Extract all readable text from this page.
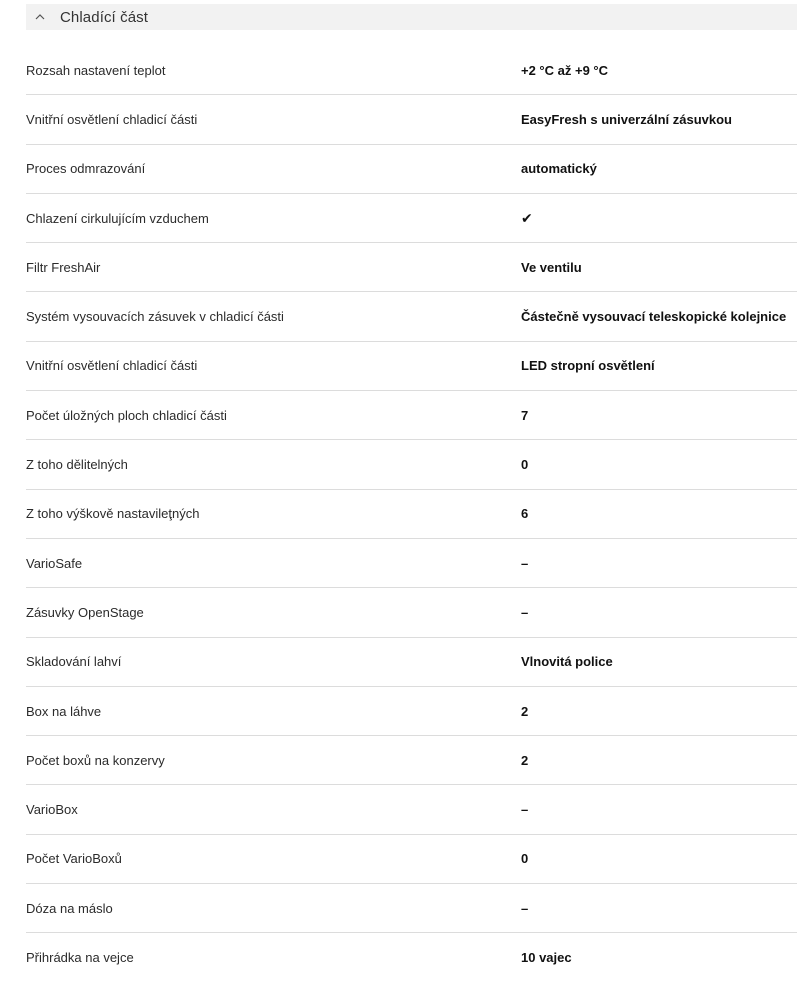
Chladící část
Rozsah nastavení teplot	+2 °C až +9 °C
Vnitřní osvětlení chladicí části	EasyFresh s univerzální zásuvkou
Proces odmrazování	automatický
Chlazení cirkulujícím vzduchem	✔
Filtr FreshAir	Ve ventilu
Systém vysouvacích zásuvek v chladicí části	Částečně vysouvací teleskopické kolejnice
Vnitřní osvětlení chladicí části	LED stropní osvětlení
Počet úložných ploch chladicí části	7
Z toho dělitelných	0
Z toho výškově nastavileţných	6
VarioSafe	–
Zásuvky OpenStage	–
Skladování lahví	Vlnovitá police
Box na láhve	2
Počet boxů na konzervy	2
VarioBox	–
Počet VarioBoxů	0
Dóza na máslo	–
Přihrádka na vejce	10 vajec
